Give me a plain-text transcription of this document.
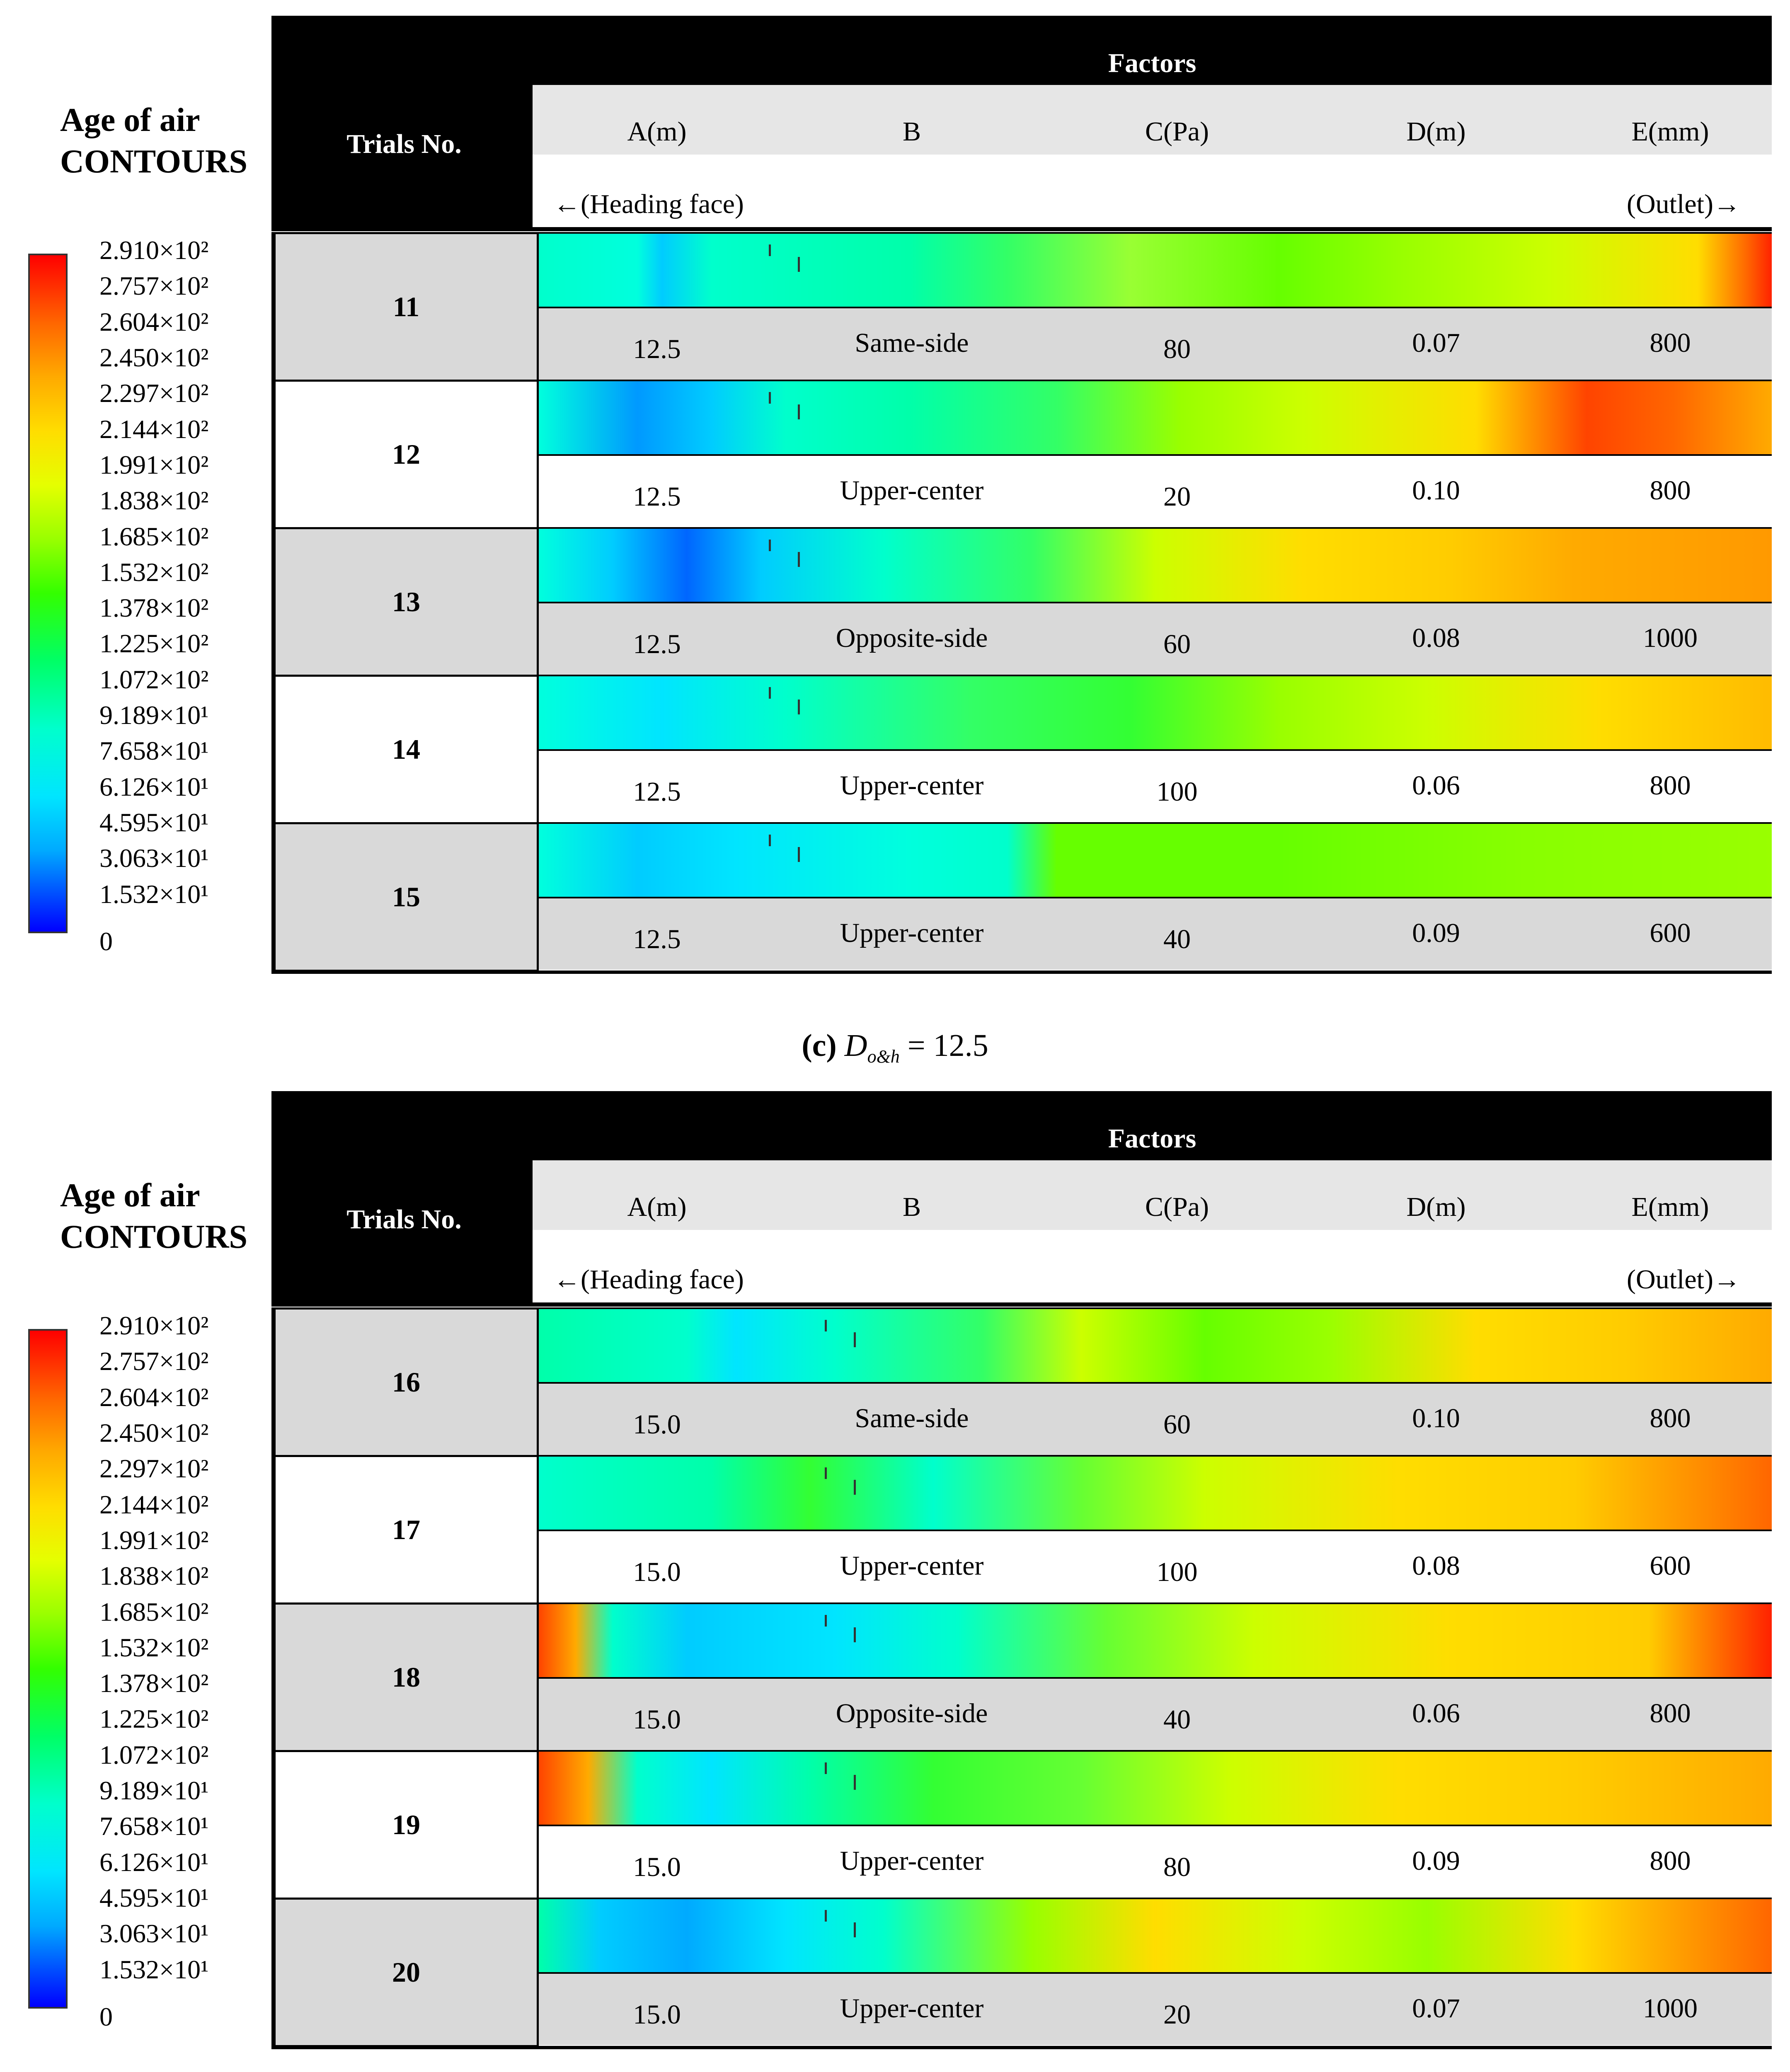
Age of air
CONTOURS
2.910×10²
2.757×10²
2.604×10²
2.450×10²
2.297×10²
2.144×10²
1.991×10²
1.838×10²
1.685×10²
1.532×10²
1.378×10²
1.225×10²
1.072×10²
9.189×10¹
7.658×10¹
6.126×10¹
4.595×10¹
3.063×10¹
1.532×10¹
0
Trials No.
Factors
A(m)	B	C(Pa)	D(m)	E(mm)
←(Heading face)	(Outlet)→
11
12.5	Same-side	80	0.07	800
12
12.5	Upper-center	20	0.10	800
13
12.5	Opposite-side	60	0.08	1000
14
12.5	Upper-center	100	0.06	800
15
12.5	Upper-center	40	0.09	600
(c) $D_{o\&h} = 12.5$
Age of air
CONTOURS
2.910×10²
2.757×10²
2.604×10²
2.450×10²
2.297×10²
2.144×10²
1.991×10²
1.838×10²
1.685×10²
1.532×10²
1.378×10²
1.225×10²
1.072×10²
9.189×10¹
7.658×10¹
6.126×10¹
4.595×10¹
3.063×10¹
1.532×10¹
0
Trials No.
Factors
A(m)	B	C(Pa)	D(m)	E(mm)
←(Heading face)	(Outlet)→
16
15.0	Same-side	60	0.10	800
17
15.0	Upper-center	100	0.08	600
18
15.0	Opposite-side	40	0.06	800
19
15.0	Upper-center	80	0.09	800
20
15.0	Upper-center	20	0.07	1000
